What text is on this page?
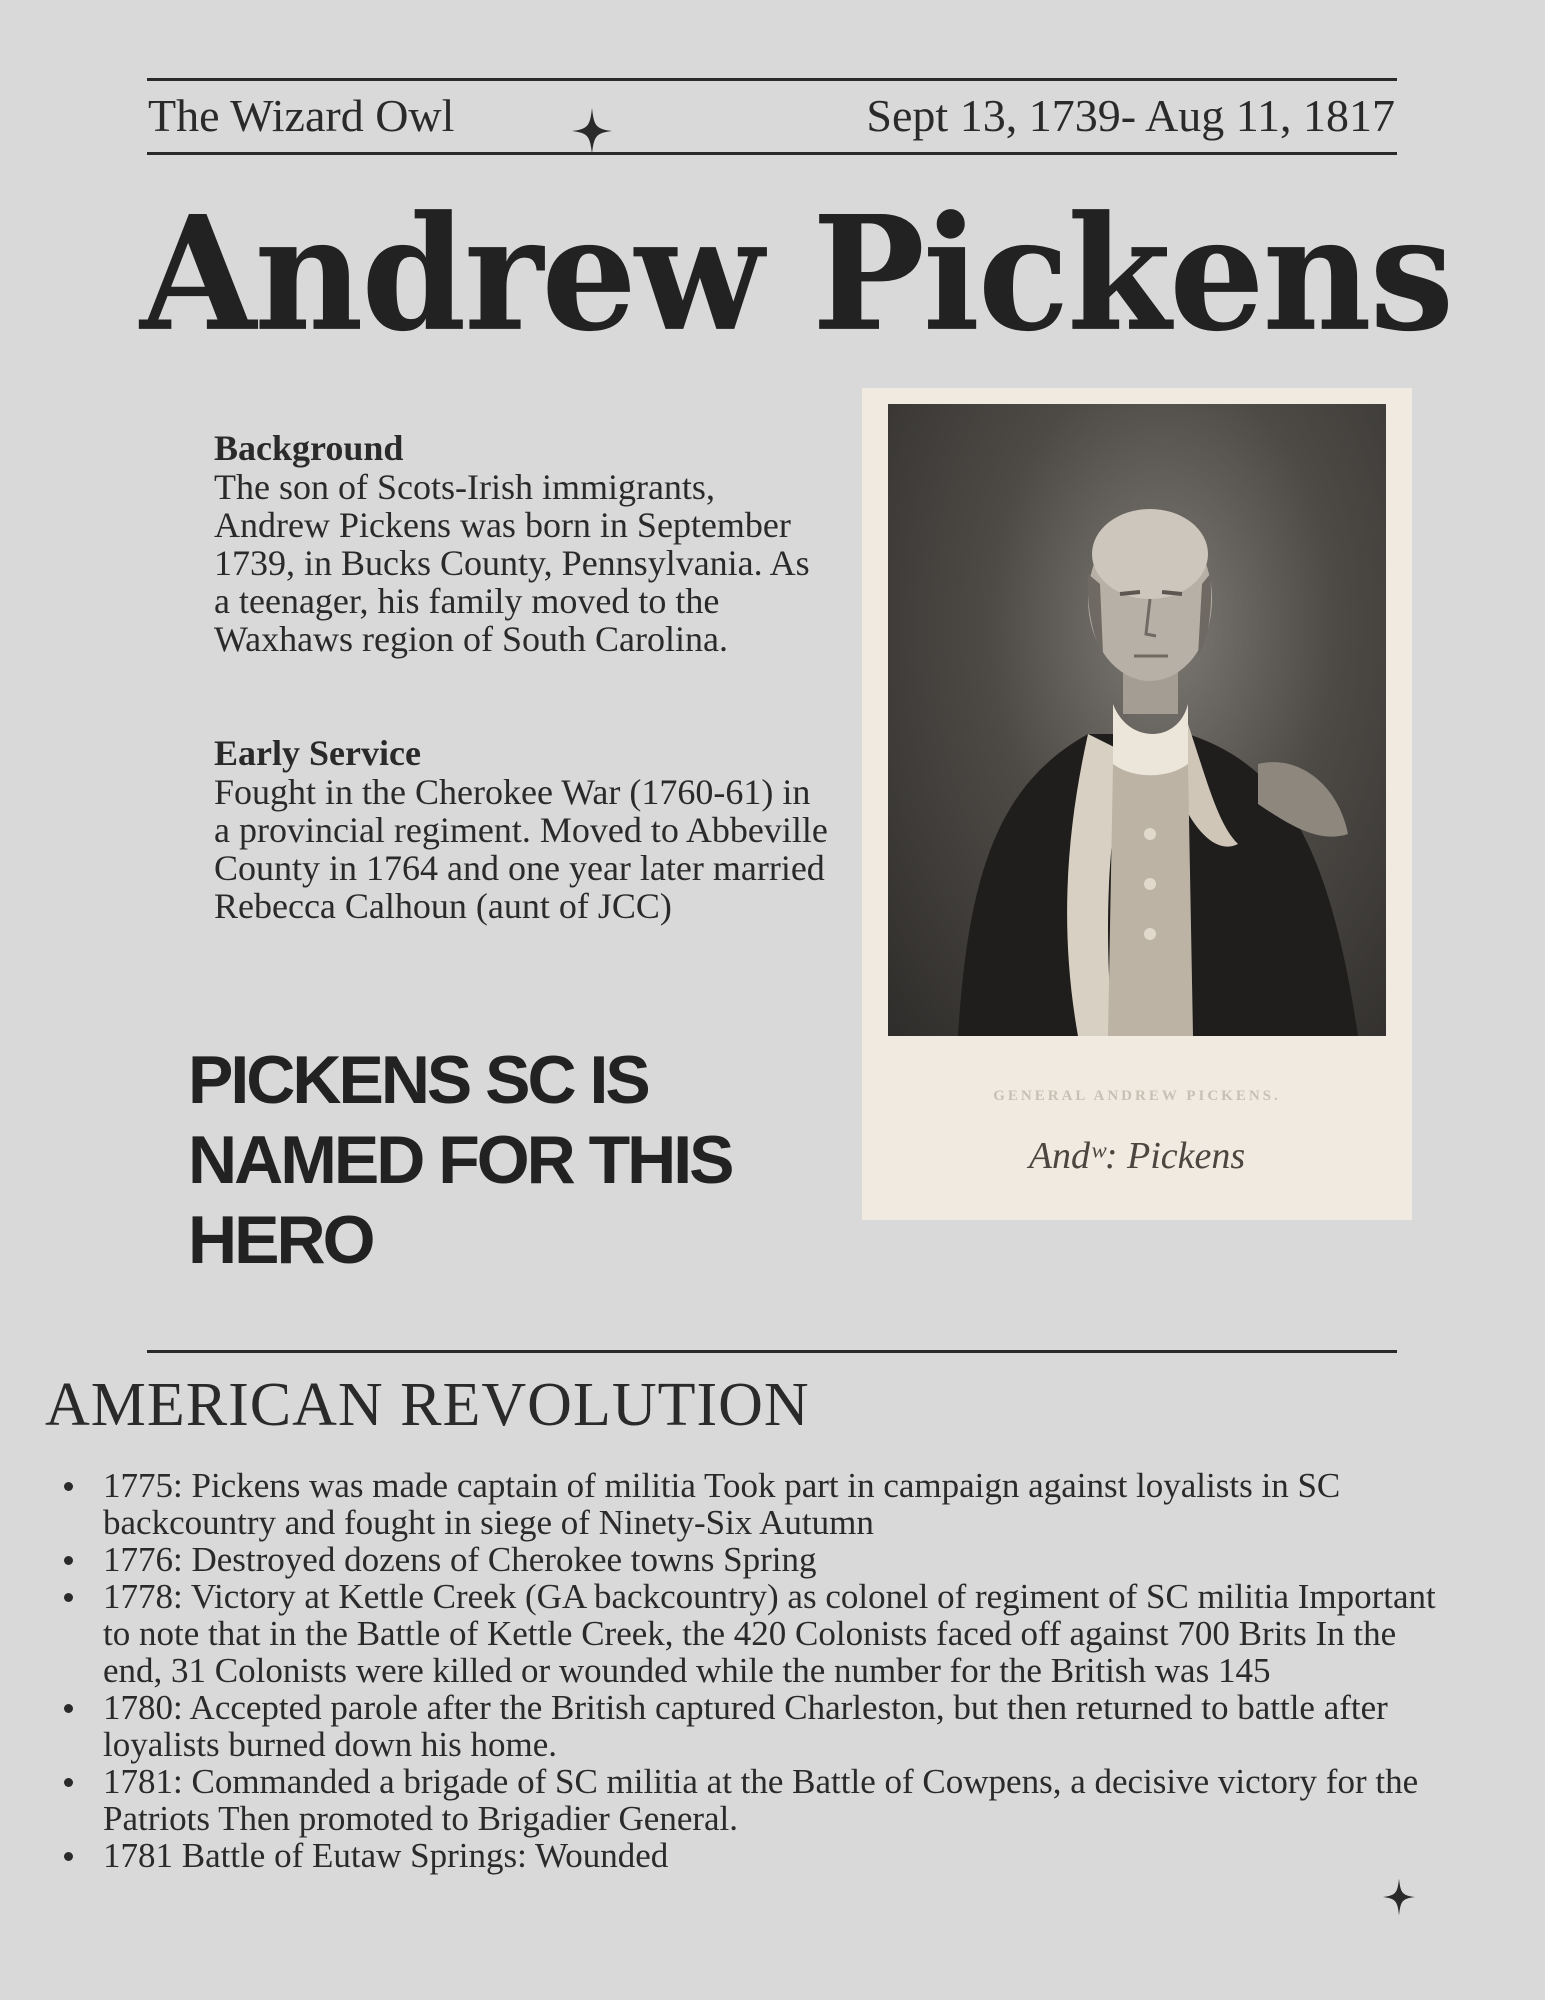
The Wizard Owl	Sept 13, 1739- Aug 11, 1817
Andrew Pickens
Background

The son of Scots-Irish immigrants, Andrew Pickens was born in September 1739, in Bucks County, Pennsylvania. As a teenager, his family moved to the Waxhaws region of South Carolina.

Early Service

Fought in the Cherokee War (1760-61) in a provincial regiment. Moved to Abbeville County in 1764 and one year later married Rebecca Calhoun (aunt of JCC)

PICKENS SC IS NAMED FOR THIS HERO

GENERAL ANDREW PICKENS.
Andʷ: Pickens
AMERICAN REVOLUTION
1775: Pickens was made captain of militia Took part in campaign against loyalists in SC backcountry and fought in siege of Ninety-Six Autumn
1776: Destroyed dozens of Cherokee towns Spring
1778: Victory at Kettle Creek (GA backcountry) as colonel of regiment of SC militia Important to note that in the Battle of Kettle Creek, the 420 Colonists faced off against 700 Brits In the end, 31 Colonists were killed or wounded while the number for the British was 145
1780: Accepted parole after the British captured Charleston, but then returned to battle after loyalists burned down his home.
1781: Commanded a brigade of SC militia at the Battle of Cowpens, a decisive victory for the Patriots Then promoted to Brigadier General.
1781 Battle of Eutaw Springs: Wounded
